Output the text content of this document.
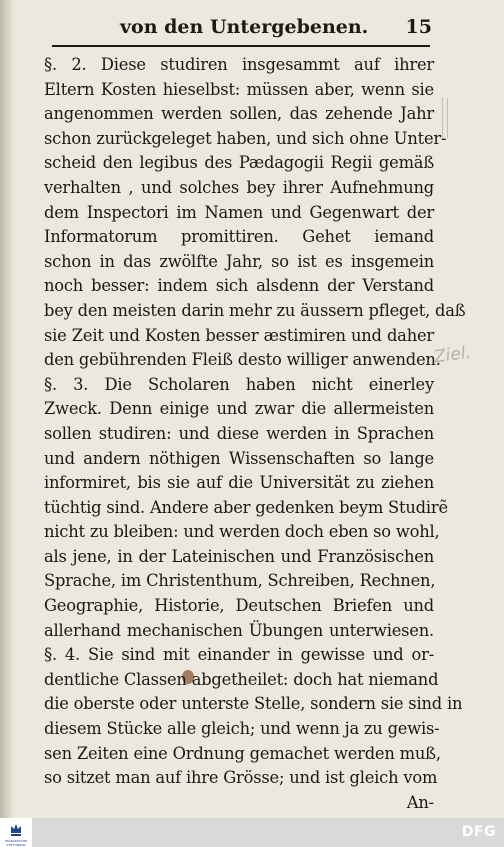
von den Untergebenen. 15
§. 2. Diese studiren insgesammt auf ihrer
Eltern Kosten hieselbst: müssen aber, wenn sie
angenommen werden sollen, das zehende Jahr
schon zurückgeleget haben, und sich ohne Unter-
scheid den legibus des Pædagogii Regii gemäß
verhalten , und solches bey ihrer Aufnehmung
dem Inspectori im Namen und Gegenwart der
Informatorum promittiren. Gehet iemand
schon in das zwölfte Jahr, so ist es insgemein
noch besser: indem sich alsdenn der Verstand
bey den meisten darin mehr zu äussern pfleget, daß
sie Zeit und Kosten besser æstimiren und daher
den gebührenden Fleiß desto williger anwenden.
§. 3. Die Scholaren haben nicht einerley
Zweck. Denn einige und zwar die allermeisten
sollen studiren: und diese werden in Sprachen
und andern nöthigen Wissenschaften so lange
informiret, bis sie auf die Universität zu ziehen
tüchtig sind. Andere aber gedenken beym Studirẽ
nicht zu bleiben: und werden doch eben so wohl,
als jene, in der Lateinischen und Französischen
Sprache, im Christenthum, Schreiben, Rechnen,
Geographie, Historie, Deutschen Briefen und
allerhand mechanischen Übungen unterwiesen.
§. 4. Sie sind mit einander in gewisse und or-
dentliche Classen abgetheilet: doch hat niemand
die oberste oder unterste Stelle, sondern sie sind in
diesem Stücke alle gleich; und wenn ja zu gewis-
sen Zeiten eine Ordnung gemachet werden muß,
so sitzet man auf ihre Grösse; und ist gleich vom
An-
Ziel.
FRANCKESCHE STIFTUNGEN
DFG
